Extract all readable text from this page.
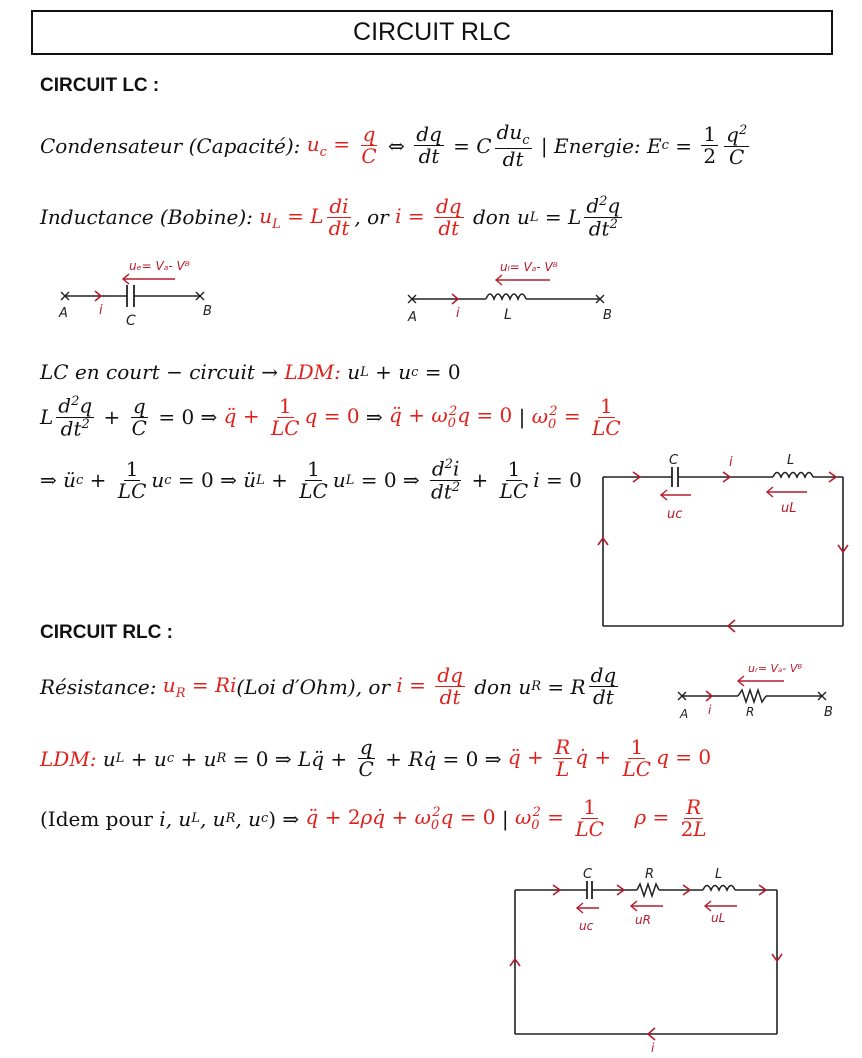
CIRCUIT RLC
CIRCUIT LC :
Condensateur (Capacité): $u_c = \frac{q}{C}$ ⇔ $\frac{dq}{dt} = C \frac{du_c}{dt}$
| Energie: E $c = \frac{1}{2} \frac{q^2}{C}$
Inductance (Bobine): $u_L = L \frac{di}{dt}$ , or $i = \frac{dq}{dt}$
don u L = L $\frac{d^2q}{dt^2}$
uₑ= Vₐ- Vᴮ
i
A	B
C
uₗ= Vₐ- Vᴮ
i
A	B
L
LC en court − circuit → LDM: u L + u c = 0
L $\frac{d^2q}{dt^2} + \frac{q}{C} = 0$ ⇒ q̈ + $\frac{1}{LC}$ q = 0 ⇒ q̈ + $\omega_0^2q = 0$ | $\omega_0^2 = \frac{1}{LC}$
⇒ ü $c + \frac{1}{LC}$ u c = 0 ⇒ ü $L + \frac{1}{LC}$ u L = 0 ⇒ $\frac{d^2i}{dt^2} + \frac{1}{LC}$ i = 0
C	L
uc	uL
i
CIRCUIT RLC :
Résistance: $u_R = Ri$ (Loi d′Ohm), or $i = \frac{dq}{dt}$
don u R = R $\frac{dq}{dt}$	uᵣ= Vₐ- Vᴮ
i
A	B
R
LDM: u L + u c + u R = 0 ⇒ Lq̈ + $\frac{q}{C}$ + Rq̇ = 0 ⇒ q̈ + $\frac{R}{L}$ q̇ + $\frac{1}{LC}$ q = 0
(Idem pour i, u L , u R , u c ) ⇒ q̈ + 2ρq̇ + $\omega_0^2q = 0$ | $\omega_0^2 = \frac{1}{LC}$ $\rho = \frac{R}{2L}$
C	R	L
uc	uR	uL
i
